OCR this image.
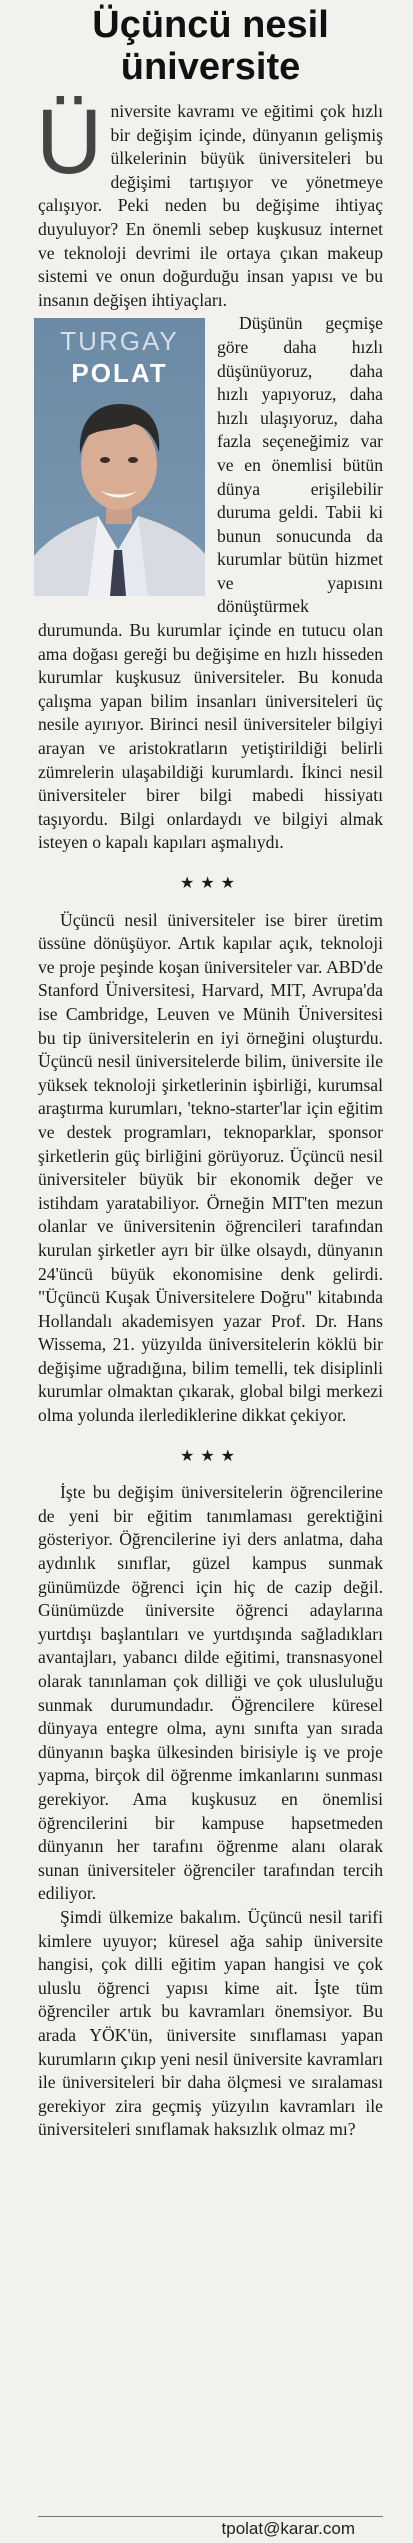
Üçüncü nesil
üniversite

Üniversite kavramı ve eğitimi çok hızlı bir değişim içinde, dünyanın gelişmiş ülkelerinin büyük üniversiteleri bu değişimi tartışıyor ve yönetmeye çalışıyor. Peki neden bu değişime ihtiyaç duyuluyor? En önemli sebep kuşkusuz internet ve teknoloji devrimi ile ortaya çıkan makeup sistemi ve onun doğurduğu insan yapısı ve bu insanın değişen ihtiyaçları.

TURGAY
POLAT

Düşünün geçmişe göre daha hızlı düşünüyoruz, daha hızlı yapıyoruz, daha hızlı ulaşıyoruz, daha fazla seçeneğimiz var ve en önemlisi bütün dünya erişilebilir duruma geldi. Tabii ki bunun sonucunda da kurumlar bütün hizmet ve yapısını dönüştürmek durumunda. Bu kurumlar içinde en tutucu olan ama doğası gereği bu değişime en hızlı hisseden kurumlar kuşkusuz üniversiteler. Bu konuda çalışma yapan bilim insanları üniversiteleri üç nesile ayırıyor. Birinci nesil üniversiteler bilgiyi arayan ve aristokratların yetiştirildiği belirli zümrelerin ulaşabildiği kurumlardı. İkinci nesil üniversiteler birer bilgi mabedi hissiyatı taşıyordu. Bilgi onlardaydı ve bilgiyi almak isteyen o kapalı kapıları aşmalıydı.

★★★

Üçüncü nesil üniversiteler ise birer üretim üssüne dönüşüyor. Artık kapılar açık, teknoloji ve proje peşinde koşan üniversiteler var. ABD'de Stanford Üniversitesi, Harvard, MIT, Avrupa'da ise Cambridge, Leuven ve Münih Üniversitesi bu tip üniversitelerin en iyi örneğini oluşturdu. Üçüncü nesil üniversitelerde bilim, üniversite ile yüksek teknoloji şirketlerinin işbirliği, kurumsal araştırma kurumları, 'tekno-starter'lar için eğitim ve destek programları, teknoparklar, sponsor şirketlerin güç birliğini görüyoruz. Üçüncü nesil üniversiteler büyük bir ekonomik değer ve istihdam yaratabiliyor. Örneğin MIT'ten mezun olanlar ve üniversitenin öğrencileri tarafından kurulan şirketler ayrı bir ülke olsaydı, dünyanın 24'üncü büyük ekonomisine denk gelirdi. "Üçüncü Kuşak Üniversitelere Doğru" kitabında Hollandalı akademisyen yazar Prof. Dr. Hans Wissema, 21. yüzyılda üniversitelerin köklü bir değişime uğradığına, bilim temelli, tek disiplinli kurumlar olmaktan çıkarak, global bilgi merkezi olma yolunda ilerlediklerine dikkat çekiyor.

★★★

İşte bu değişim üniversitelerin öğrencilerine de yeni bir eğitim tanımlaması gerektiğini gösteriyor. Öğrencilerine iyi ders anlatma, daha aydınlık sınıflar, güzel kampus sunmak günümüzde öğrenci için hiç de cazip değil. Günümüzde üniversite öğrenci adaylarına yurtdışı başlantıları ve yurtdışında sağladıkları avantajları, yabancı dilde eğitimi, transnasyonel olarak tanınlaman çok dilliği ve çok ulusluluğu sunmak durumundadır. Öğrencilere küresel dünyaya entegre olma, aynı sınıfta yan sırada dünyanın başka ülkesinden birisiyle iş ve proje yapma, birçok dil öğrenme imkanlarını sunması gerekiyor. Ama kuşkusuz en önemlisi öğrencilerini bir kampuse hapsetmeden dünyanın her tarafını öğrenme alanı olarak sunan üniversiteler öğrenciler tarafından tercih ediliyor.

Şimdi ülkemize bakalım. Üçüncü nesil tarifi kimlere uyuyor; küresel ağa sahip üniversite hangisi, çok dilli eğitim yapan hangisi ve çok uluslu öğrenci yapısı kime ait. İşte tüm öğrenciler artık bu kavramları önemsiyor. Bu arada YÖK'ün, üniversite sınıflaması yapan kurumların çıkıp yeni nesil üniversite kavramları ile üniversiteleri bir daha ölçmesi ve sıralaması gerekiyor zira geçmiş yüzyılın kavramları ile üniversiteleri sınıflamak haksızlık olmaz mı?

tpolat@karar.com
